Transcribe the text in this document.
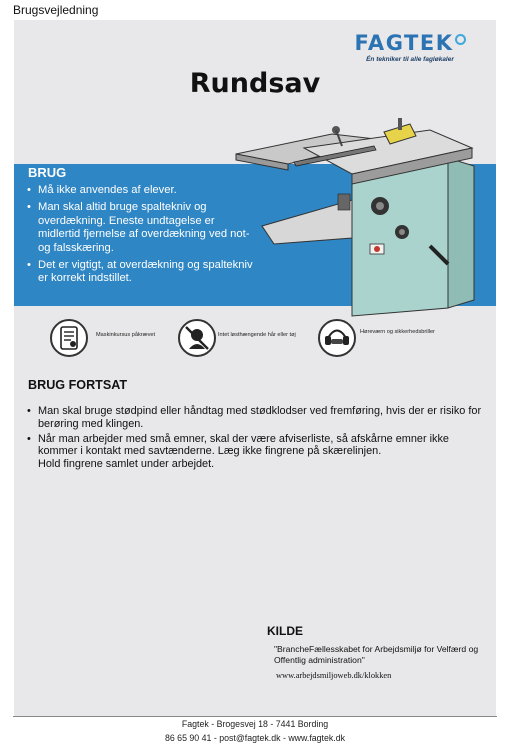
Brugsvejledning
FAGTEK
Én tekniker til alle fagløkaler
Rundsav
BRUG
• Må ikke anvendes af elever.
• Man skal altid bruge spaltekniv og overdækning. Eneste undtagelse er midlertid fjernelse af overdækning ved not- og falsskæring.
• Det er vigtigt, at overdækning og spaltekniv er korrekt indstillet.
Maskinkursus påkrævet	Intet løsthængende hår eller tøj	Høreværn og sikkerhedsbriller
BRUG FORTSAT
• Man skal bruge stødpind eller håndtag med stødklodser ved fremføring, hvis der er risiko for berøring med klingen.
• Når man arbejder med små emner, skal der være afviserliste, så afskårne emner ikke kommer i kontakt med savtænderne. Læg ikke fingrene på skærelinjen.
Hold fingrene samlet under arbejdet.
KILDE
"BrancheFællesskabet for Arbejdsmiljø for Velfærd og Offentlig administration"
www.arbejdsmiljoweb.dk/klokken
Fagtek - Brogesvej 18 - 7441 Bording
86 65 90 41 - post@fagtek.dk - www.fagtek.dk
